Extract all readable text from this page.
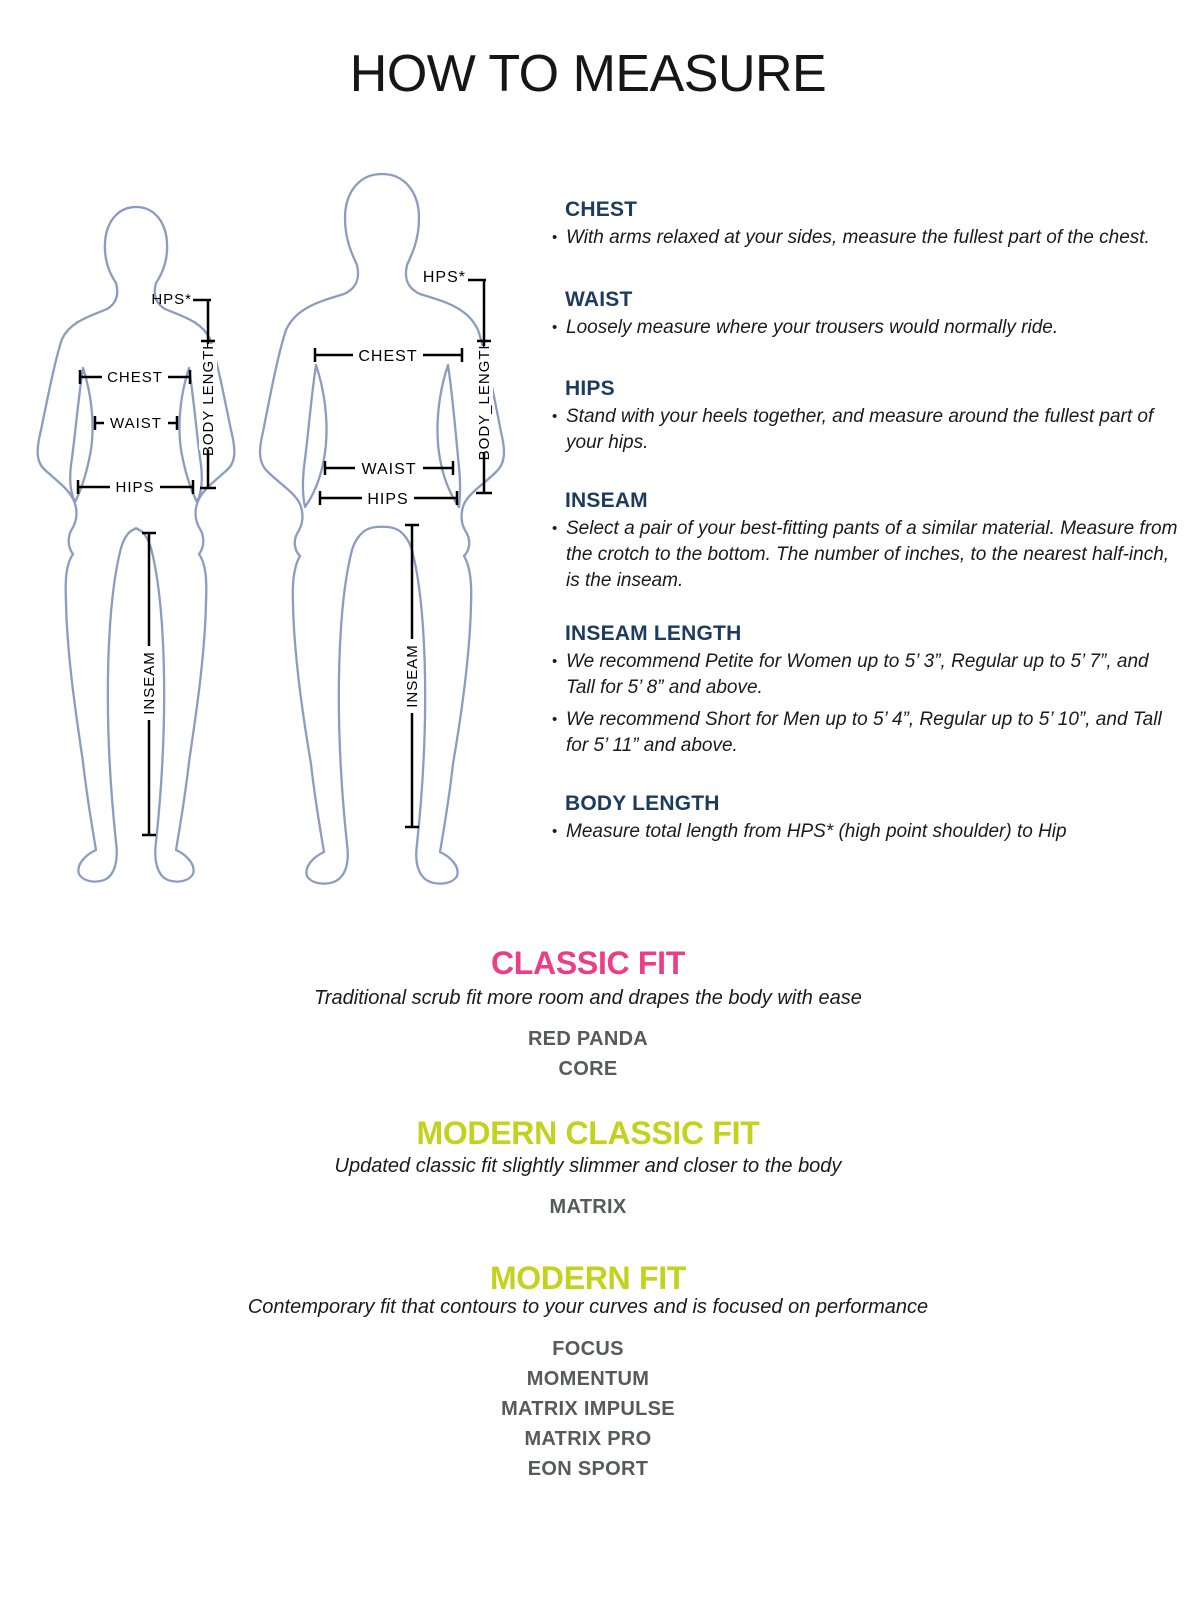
HOW TO MEASURE
HPS*
BODY LENGTH
CHEST
WAIST
HIPS
INSEAM
HPS*
BODY_LENGTH
CHEST
WAIST
HIPS
INSEAM

CHEST

• With arms relaxed at your sides, measure the fullest part of the chest.

WAIST

• Loosely measure where your trousers would normally ride.

HIPS

• Stand with your heels together, and measure around the fullest part of your hips.

INSEAM

• Select a pair of your best-fitting pants of a similar material. Measure from the crotch to the bottom. The number of inches, to the nearest half-inch, is the inseam.

INSEAM LENGTH

• We recommend Petite for Women up to 5’ 3”, Regular up to 5’ 7”, and Tall for 5’ 8” and above.

• We recommend Short for Men up to 5’ 4”, Regular up to 5’ 10”, and Tall for 5’ 11” and above.

BODY LENGTH

• Measure total length from HPS* (high point shoulder) to Hip

CLASSIC FIT
Traditional scrub fit more room and drapes the body with ease
RED PANDA
CORE
MODERN CLASSIC FIT
Updated classic fit slightly slimmer and closer to the body
MATRIX
MODERN FIT
Contemporary fit that contours to your curves and is focused on performance
FOCUS
MOMENTUM
MATRIX IMPULSE
MATRIX PRO
EON SPORT
